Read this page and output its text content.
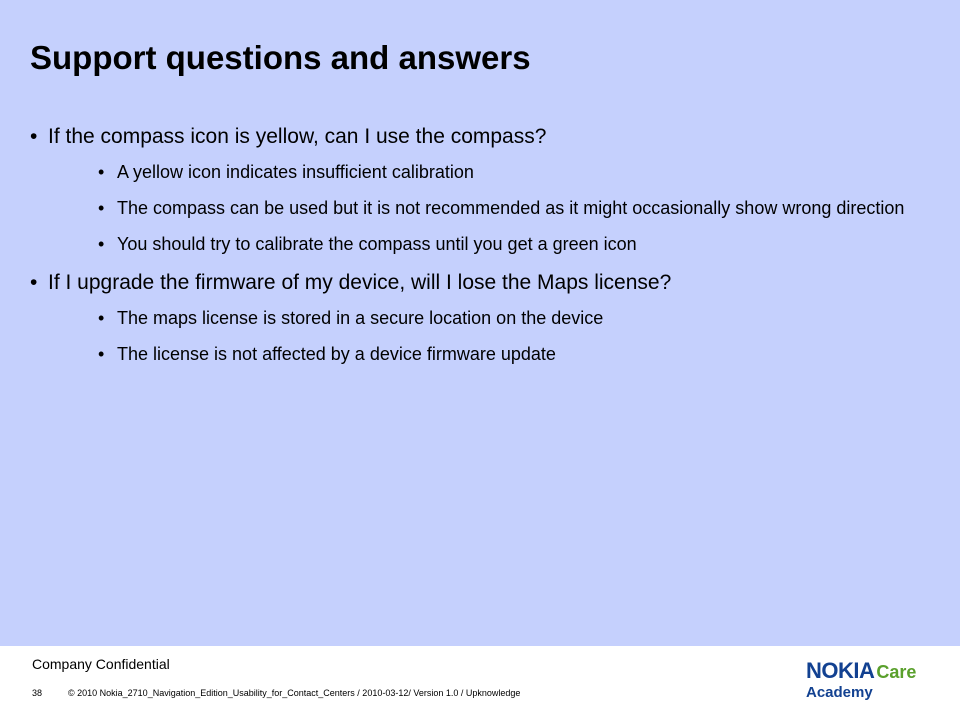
Support questions and answers
• If the compass icon is yellow, can I use the compass?
• A yellow icon indicates insufficient calibration
• The compass can be used but it is not recommended as it might occasionally show wrong direction
• You should try to calibrate the compass until you get a green icon
• If I upgrade the firmware of my device, will I lose the Maps license?
• The maps license is stored in a secure location on the device
• The license is not affected by a device firmware update
Company Confidential
38	© 2010 Nokia_2710_Navigation_Edition_Usability_for_Contact_Centers / 2010-03-12/ Version 1.0 / Upknowledge
NOKIA Care
Academy
